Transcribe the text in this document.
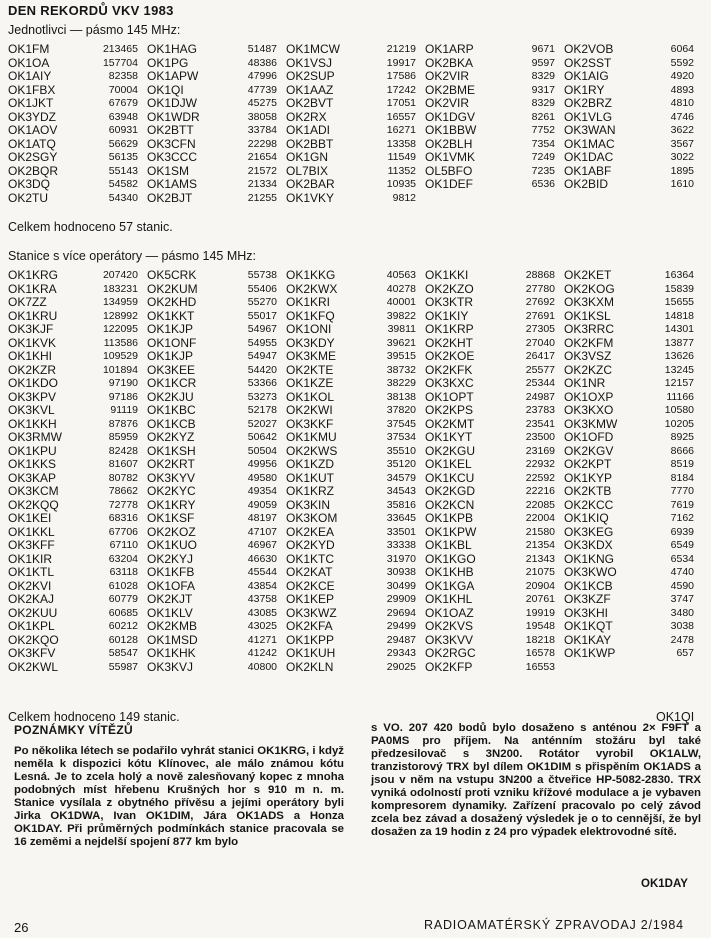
DEN REKORDŮ VKV 1983
Jednotlivci — pásmo 145 MHz:
OK1FM	213465 OK1HAG	51487 OK1MCW	21219 OK1ARP	9671 OK2VOB	6064
OK1OA	157704 OK1PG	48386 OK1VSJ	19917 OK2BKA	9597 OK2SST	5592
OK1AIY	82358 OK1APW	47996 OK2SUP	17586 OK2VIR	8329 OK1AIG	4920
OK1FBX	70004 OK1QI	47739 OK1AAZ	17242 OK2BME	9317 OK1RY	4893
OK1JKT	67679 OK1DJW	45275 OK2BVT	17051 OK2VIR	8329 OK2BRZ	4810
OK3YDZ	63948 OK1WDR	38058 OK2RX	16557 OK1DGV	8261 OK1VLG	4746
OK1AOV	60931 OK2BTT	33784 OK1ADI	16271 OK1BBW	7752 OK3WAN	3622
OK1ATQ	56629 OK3CFN	22298 OK2BBT	13358 OK2BLH	7354 OK1MAC	3567
OK2SGY	56135 OK3CCC	21654 OK1GN	11549 OK1VMK	7249 OK1DAC	3022
OK2BQR	55143 OK1SM	21572 OL7BIX	11352 OL5BFO	7235 OK1ABF	1895
OK3DQ	54582 OK1AMS	21334 OK2BAR	10935 OK1DEF	6536 OK2BID	1610
OK2TU	54340 OK2BJT	21255 OK1VKY	9812
Celkem hodnoceno 57 stanic.
Stanice s více operátory — pásmo 145 MHz:
OK1KRG	207420 OK5CRK	55738 OK1KKG	40563 OK1KKI	28868 OK2KET	16364
OK1KRA	183231 OK2KUM	55406 OK2KWX	40278 OK2KZO	27780 OK2KOG	15839
OK7ZZ	134959 OK2KHD	55270 OK1KRI	40001 OK3KTR	27692 OK3KXM	15655
OK1KRU	128992 OK1KKT	55017 OK1KFQ	39822 OK1KIY	27691 OK1KSL	14818
OK3KJF	122095 OK1KJP	54967 OK1ONI	39811 OK1KRP	27305 OK3RRC	14301
OK1KVK	113586 OK1ONF	54955 OK3KDY	39621 OK2KHT	27040 OK2KFM	13877
OK1KHI	109529 OK1KJP	54947 OK3KME	39515 OK2KOE	26417 OK3VSZ	13626
OK2KZR	101894 OK3KEE	54420 OK2KTE	38732 OK2KFK	25577 OK2KZC	13245
OK1KDO	97190 OK1KCR	53366 OK1KZE	38229 OK3KXC	25344 OK1NR	12157
OK3KPV	97186 OK2KJU	53273 OK1KOL	38138 OK1OPT	24987 OK1OXP	11166
OK3KVL	91119 OK1KBC	52178 OK2KWI	37820 OK2KPS	23783 OK3KXO	10580
OK1KKH	87876 OK1KCB	52027 OK3KKF	37545 OK2KMT	23541 OK3KMW	10205
OK3RMW	85959 OK2KYZ	50642 OK1KMU	37534 OK1KYT	23500 OK1OFD	8925
OK1KPU	82428 OK1KSH	50504 OK2KWS	35510 OK2KGU	23169 OK2KGV	8666
OK1KKS	81607 OK2KRT	49956 OK1KZD	35120 OK1KEL	22932 OK2KPT	8519
OK3KAP	80782 OK3KYV	49580 OK1KUT	34579 OK1KCU	22592 OK1KYP	8184
OK3KCM	78662 OK2KYC	49354 OK1KRZ	34543 OK2KGD	22216 OK2KTB	7770
OK2KQQ	72778 OK1KRY	49059 OK3KIN	35816 OK2KCN	22085 OK2KCC	7619
OK1KEI	68316 OK1KSF	48197 OK3KOM	33645 OK1KPB	22004 OK1KIQ	7162
OK1KKL	67706 OK2KOZ	47107 OK2KEA	33501 OK1KPW	21580 OK3KEG	6939
OK3KFF	67110 OK1KUO	46967 OK2KYD	33338 OK1KBL	21354 OK3KDX	6549
OK1KIR	63204 OK2KYJ	46630 OK1KTC	31970 OK1KGO	21343 OK1KNG	6534
OK1KTL	63118 OK1KFB	45544 OK2KAT	30938 OK1KHB	21075 OK3KWO	4740
OK2KVI	61028 OK1OFA	43854 OK2KCE	30499 OK1KGA	20904 OK1KCB	4590
OK2KAJ	60779 OK2KJT	43758 OK1KEP	29909 OK1KHL	20761 OK3KZF	3747
OK2KUU	60685 OK1KLV	43085 OK3KWZ	29694 OK1OAZ	19919 OK3KHI	3480
OK1KPL	60212 OK2KMB	43025 OK2KFA	29499 OK2KVS	19548 OK1KQT	3038
OK2KQO	60128 OK1MSD	41271 OK1KPP	29487 OK3KVV	18218 OK1KAY	2478
OK3KFV	58547 OK1KHK	41242 OK1KUH	29343 OK2RGC	16578 OK1KWP	657
OK2KWL	55987 OK3KVJ	40800 OK2KLN	29025 OK2KFP	16553
Celkem hodnoceno 149 stanic.	OK1QI
POZNÁMKY VÍTĚZŮ
Po několika létech se podařilo vyhrát stanici OK1KRG, i když neměla k dispozici kótu Klínovec, ale málo známou kótu Lesná. Je to zcela holý a nově zalesňovaný kopec z mnoha podobných míst hřebenu Krušných hor s 910 m n. m. Stanice vysílala z obytného přívěsu a jejími operátory byli Jirka OK1DWA, Ivan OK1DIM, Jára OK1ADS a Honza OK1DAY. Při průměrných podmínkách stanice pracovala se 16 zeměmi a nejdelší spojení 877 km bylo
s VO. 207 420 bodů bylo dosaženo s anténou 2× F9FT a PA0MS pro příjem. Na anténním stožáru byl také předzesilovač s 3N200. Rotátor vyrobil OK1ALW, tranzistorový TRX byl dílem OK1DIM s přispěním OK1ADS a jsou v něm na vstupu 3N200 a čtveřice HP-5082-2830. TRX vyniká odolností proti vzniku křížové modulace a je vybaven kompresorem dynamiky. Zařízení pracovalo po celý závod zcela bez závad a dosažený výsledek je o to cennější, že byl dosažen za 19 hodin z 24 pro výpadek elektrovodné sítě.
OK1DAY
26	RADIOAMATÉRSKÝ ZPRAVODAJ 2/1984
